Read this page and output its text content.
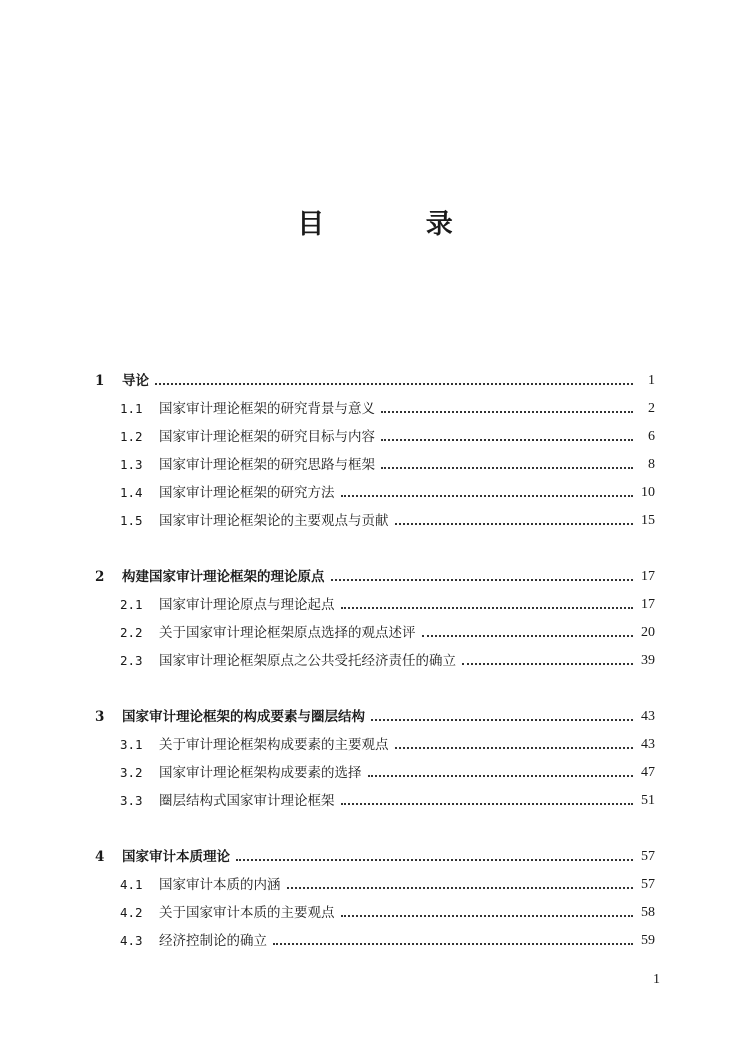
目 录
1	导论	1
1.1	国家审计理论框架的研究背景与意义	2
1.2	国家审计理论框架的研究目标与内容	6
1.3	国家审计理论框架的研究思路与框架	8
1.4	国家审计理论框架的研究方法	10
1.5	国家审计理论框架论的主要观点与贡献	15
2	构建国家审计理论框架的理论原点	17
2.1	国家审计理论原点与理论起点	17
2.2	关于国家审计理论框架原点选择的观点述评	20
2.3	国家审计理论框架原点之公共受托经济责任的确立	39
3	国家审计理论框架的构成要素与圈层结构	43
3.1	关于审计理论框架构成要素的主要观点	43
3.2	国家审计理论框架构成要素的选择	47
3.3	圈层结构式国家审计理论框架	51
4	国家审计本质理论	57
4.1	国家审计本质的内涵	57
4.2	关于国家审计本质的主要观点	58
4.3	经济控制论的确立	59
1
